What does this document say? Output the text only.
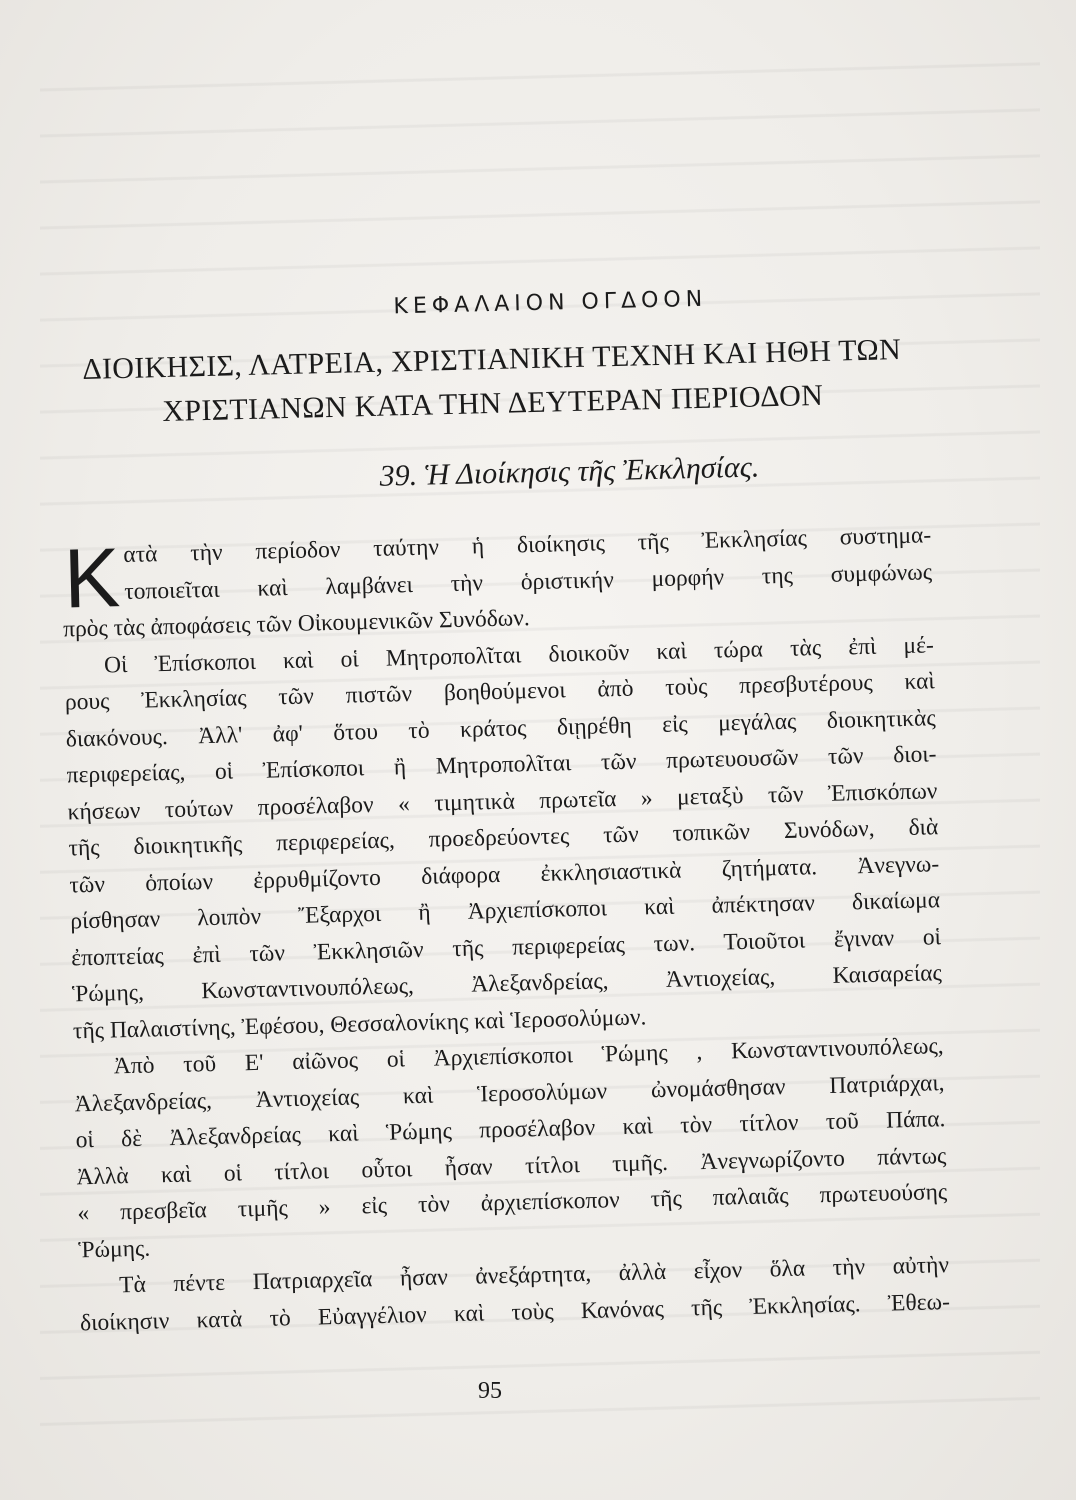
ΚΕΦΑΛΑΙΟΝ ΟΓΔΟΟΝ
ΔΙΟΙΚΗΣΙΣ, ΛΑΤΡΕΙΑ, ΧΡΙΣΤΙΑΝΙΚΗ ΤΕΧΝΗ ΚΑΙ ΗΘΗ ΤΩΝ
ΧΡΙΣΤΙΑΝΩΝ ΚΑΤΑ ΤΗΝ ΔΕΥΤΕΡΑΝ ΠΕΡΙΟΔΟΝ
39. Ἡ Διοίκησις τῆς Ἐκκλησίας.
Κ ατὰ τὴν περίοδον ταύτην ἡ διοίκησις τῆς Ἐκκλησίας συστημα-
τοποιεῖται καὶ λαμβάνει τὴν ὁριστικήν μορφήν της συμφώνως
πρὸς τὰς ἀποφάσεις τῶν Οἰκουμενικῶν Συνόδων.
Οἱ Ἐπίσκοποι καὶ οἱ Μητροπολῖται διοικοῦν καὶ τώρα τὰς ἐπὶ μέ-
ρους Ἐκκλησίας τῶν πιστῶν βοηθούμενοι ἀπὸ τοὺς πρεσβυτέρους καὶ
διακόνους. Ἀλλ' ἀφ' ὅτου τὸ κράτος διῃρέθη εἰς μεγάλας διοικητικὰς
περιφερείας, οἱ Ἐπίσκοποι ἢ Μητροπολῖται τῶν πρωτευουσῶν τῶν διοι-
κήσεων τούτων προσέλαβον « τιμητικὰ πρωτεῖα » μεταξὺ τῶν Ἐπισκόπων
τῆς διοικητικῆς περιφερείας, προεδρεύοντες τῶν τοπικῶν Συνόδων, διὰ
τῶν ὁποίων ἐρρυθμίζοντο διάφορα ἐκκλησιαστικὰ ζητήματα. Ἀνεγνω-
ρίσθησαν λοιπὸν Ἔξαρχοι ἢ Ἀρχιεπίσκοποι καὶ ἀπέκτησαν δικαίωμα
ἐποπτείας ἐπὶ τῶν Ἐκκλησιῶν τῆς περιφερείας των. Τοιοῦτοι ἔγιναν οἱ
Ῥώμης, Κωνσταντινουπόλεως, Ἀλεξανδρείας, Ἀντιοχείας, Καισαρείας
τῆς Παλαιστίνης, Ἐφέσου, Θεσσαλονίκης καὶ Ἱεροσολύμων.
Ἀπὸ τοῦ Ε' αἰῶνος οἱ Ἀρχιεπίσκοποι Ῥώμης , Κωνσταντινουπόλεως,
Ἀλεξανδρείας, Ἀντιοχείας καὶ Ἱεροσολύμων ὠνομάσθησαν Πατριάρχαι,
οἱ δὲ Ἀλεξανδρείας καὶ Ῥώμης προσέλαβον καὶ τὸν τίτλον τοῦ Πάπα.
Ἀλλὰ καὶ οἱ τίτλοι οὗτοι ἦσαν τίτλοι τιμῆς. Ἀνεγνωρίζοντο πάντως
« πρεσβεῖα τιμῆς » εἰς τὸν ἀρχιεπίσκοπον τῆς παλαιᾶς πρωτευούσης
Ῥώμης.
Τὰ πέντε Πατριαρχεῖα ἦσαν ἀνεξάρτητα, ἀλλὰ εἶχον ὅλα τὴν αὐτὴν
διοίκησιν κατὰ τὸ Εὐαγγέλιον καὶ τοὺς Κανόνας τῆς Ἐκκλησίας. Ἐθεω-
95
